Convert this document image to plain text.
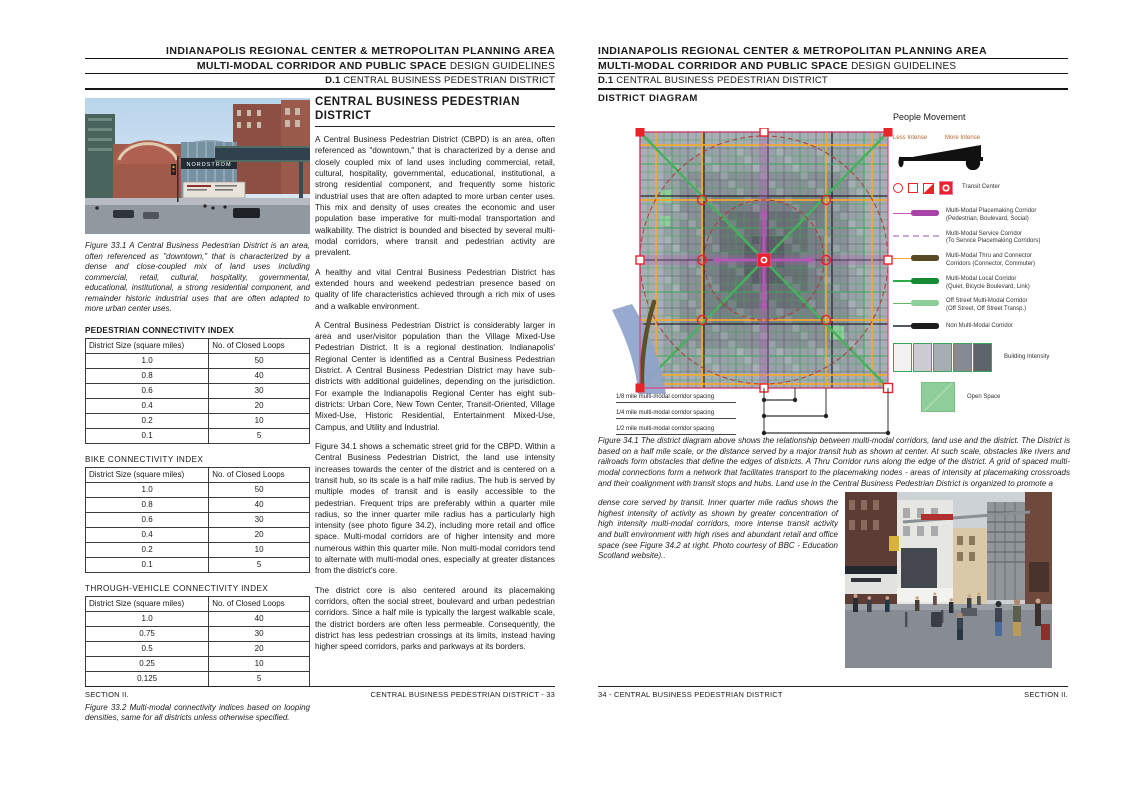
INDIANAPOLIS REGIONAL CENTER & METROPOLITAN PLANNING AREA
MULTI-MODAL CORRIDOR AND PUBLIC SPACE DESIGN GUIDELINES
D.1 CENTRAL BUSINESS PEDESTRIAN DISTRICT
NORDSTROM
Figure 33.1 A Central Business Pedestrian District is an area, often referenced as "downtown," that is characterized by a dense and close-coupled mix of land uses including commercial, retail, cultural, hospitality, governmental, educational, institutional, a strong residential component, and remainder historic industrial uses that are often adapted to more urban center uses.
PEDESTRIAN CONNECTIVITY INDEX
District Size (square miles)	No. of Closed Loops
1.0	50
0.8	40
0.6	30
0.4	20
0.2	10
0.1	5
BIKE CONNECTIVITY INDEX
District Size (square miles)	No. of Closed Loops
1.0	50
0.8	40
0.6	30
0.4	20
0.2	10
0.1	5
THROUGH-VEHICLE CONNECTIVITY INDEX
District Size (square miles)	No. of Closed Loops
1.0	40
0.75	30
0.5	20
0.25	10
0.125	5
Figure 33.2 Multi-modal connectivity indices based on looping densities, same for all districts unless otherwise specified.
CENTRAL BUSINESS PEDESTRIAN DISTRICT

A Central Business Pedestrian District (CBPD) is an area, often referenced as "downtown," that is characterized by a dense and closely coupled mix of land uses including commercial, retail, cultural, hospitality, governmental, educational, institutional, a strong residential component, and frequently some historic industrial uses that are often adapted to more urban center uses. This mix and density of uses creates the economic and user population base imperative for multi-modal transportation and walkability. The district is bounded and bisected by several multi-modal corridors, where transit and pedestrian activity are prevalent.

A healthy and vital Central Business Pedestrian District has extended hours and weekend pedestrian presence based on quality of life characteristics achieved through a rich mix of uses and a walkable environment.

A Central Business Pedestrian District is considerably larger in area and user/visitor population than the Village Mixed-Use Pedestrian District. It is a regional destination. Indianapolis' Regional Center is identified as a Central Business Pedestrian District. A Central Business Pedestrian District may have sub-districts with additional guidelines, depending on the jurisdiction. For example the Indianapolis Regional Center has eight sub-districts: Urban Core, New Town Center, Transit-Oriented, Village Mixed-Use, Historic Residential, Entertainment Mixed-Use, Campus, and Utility and Industrial.

Figure 34.1 shows a schematic street grid for the CBPD. Within a Central Business Pedestrian District, the land use intensity increases towards the center of the district and is centered on a transit hub, so its scale is a half mile radius. The hub is served by multiple modes of transit and is easily accessible to the pedestrian. Frequent trips are preferably within a quarter mile radius, so the inner quarter mile radius has a particularly high intensity (see photo figure 34.2), including more retail and office space. Multi-modal corridors are of higher intensity and more numerous within this quarter mile. Non multi-modal corridors tend to alternate with multi-modal ones, especially at greater distances from the district's core.

The district core is also centered around its placemaking corridors, often the social street, boulevard and urban pedestrian corridors. Since a half mile is typically the largest walkable scale, the district borders are often less permeable. Consequently, the district has less pedestrian crossings at its limits, instead having higher speed corridors, parks and parkways at its borders.

SECTION II.	CENTRAL BUSINESS PEDESTRIAN DISTRICT - 33
INDIANAPOLIS REGIONAL CENTER & METROPOLITAN PLANNING AREA
MULTI-MODAL CORRIDOR AND PUBLIC SPACE DESIGN GUIDELINES
D.1 CENTRAL BUSINESS PEDESTRIAN DISTRICT
DISTRICT DIAGRAM
1/8 mile multi-modal corridor spacing
1/4 mile multi-modal corridor spacing
1/2 mile multi-modal corridor spacing
People Movement
Less Intense	More Intense
Transit Center
Multi-Modal Placemaking Corridor
(Pedestrian, Boulevard, Social)
Multi-Modal Service Corridor
(To Service Placemaking Corridors)
Multi-Modal Thru and Connector
Corridors (Connector, Commuter)
Multi-Modal Local Corridor
(Quiet, Bicycle Boulevard, Link)
Off Street Multi-Modal Corridor
(Off Street, Off Street Transp.)
Non Multi-Modal Corridor
Building Intensity
Open Space
Figure 34.1 The district diagram above shows the relationship between multi-modal corridors, land use and the district. The District is based on a half mile scale, or the distance served by a major transit hub as shown at center. At such scale, obstacles like rivers and railroads form obstacles that define the edges of districts. A Thru Corridor runs along the edge of the district. A grid of spaced multi-modal connections form a network that facilitates transport to the placemaking nodes - areas of intensity at placemaking crossroads and their coalignment with transit stops and hubs. Land use in the Central Business Pedestrian District is organized to promote a
dense core served by transit. Inner quarter mile radius shows the highest intensity of activity as shown by greater concentration of high intensity multi-modal corridors, more intense transit activity and built environment with high rises and abundant retail and office space (see Figure 34.2 at right. Photo courtesy of BBC - Education Scotland website)..
34 - CENTRAL BUSINESS PEDESTRIAN DISTRICT	SECTION II.
